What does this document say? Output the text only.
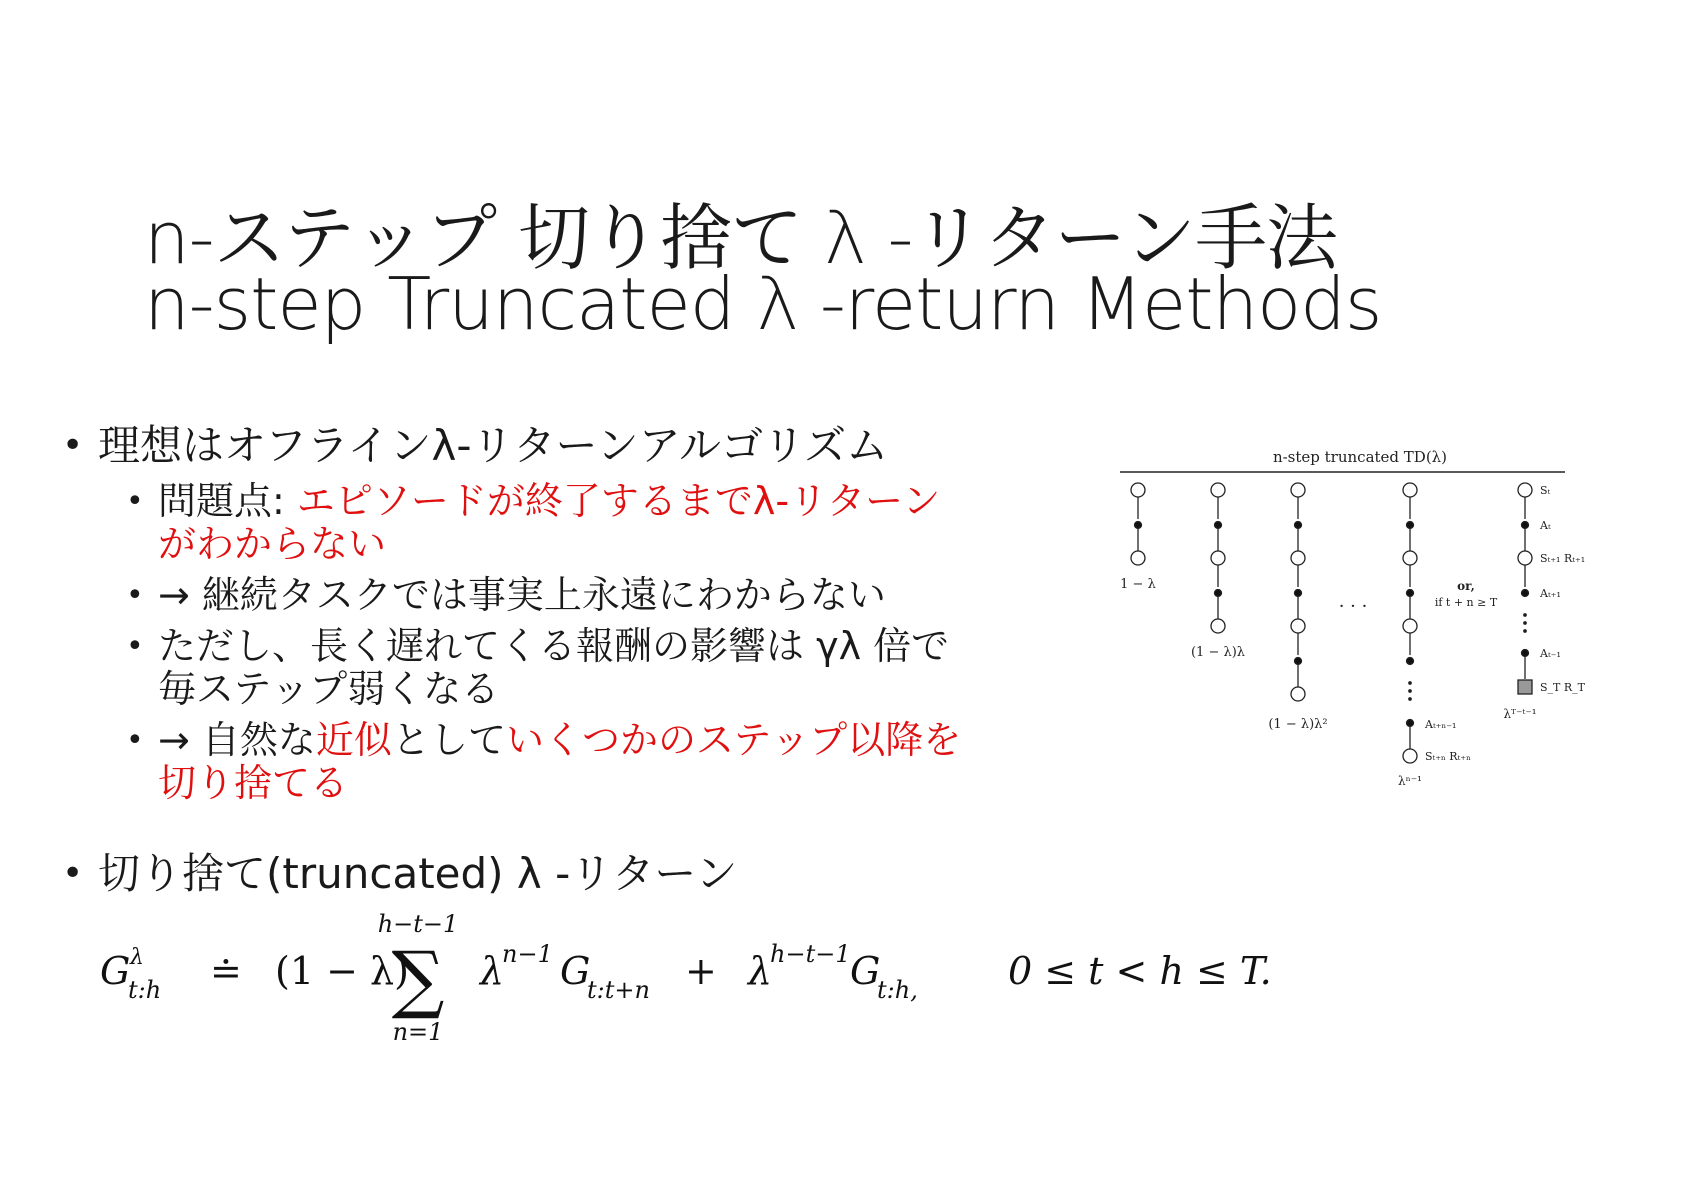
n-ステップ 切り捨て λ -リターン手法
n-step Truncated λ -return Methods
• 理想はオフラインλ-リターンアルゴリズム
• 問題点: エピソードが終了するまでλ-リターン
がわからない
• → 継続タスクでは事実上永遠にわからない
• ただし、長く遅れてくる報酬の影響は γλ 倍で
毎ステップ弱くなる
• → 自然な近似としていくつかのステップ以降を
切り捨てる
• 切り捨て(truncated) λ -リターン
n-step truncated TD(λ)
1 − λ
(1 − λ)λ
(1 − λ)λ²
· · ·
Aₜ₊ₙ₋₁
Sₜ₊ₙ Rₜ₊ₙ
λⁿ⁻¹
or,
if t + n ≥ T
Sₜ
Aₜ
Sₜ₊₁ Rₜ₊₁
Aₜ₊₁
Aₜ₋₁
S_T R_T
λᵀ⁻ᵗ⁻¹
G λ
t:h ≐ (1 − λ)
h−t−1
∑
n=1
λ
n−1 G
t:t+n + λ
h−t−1 G
t:h, 0 ≤ t < h ≤ T.
